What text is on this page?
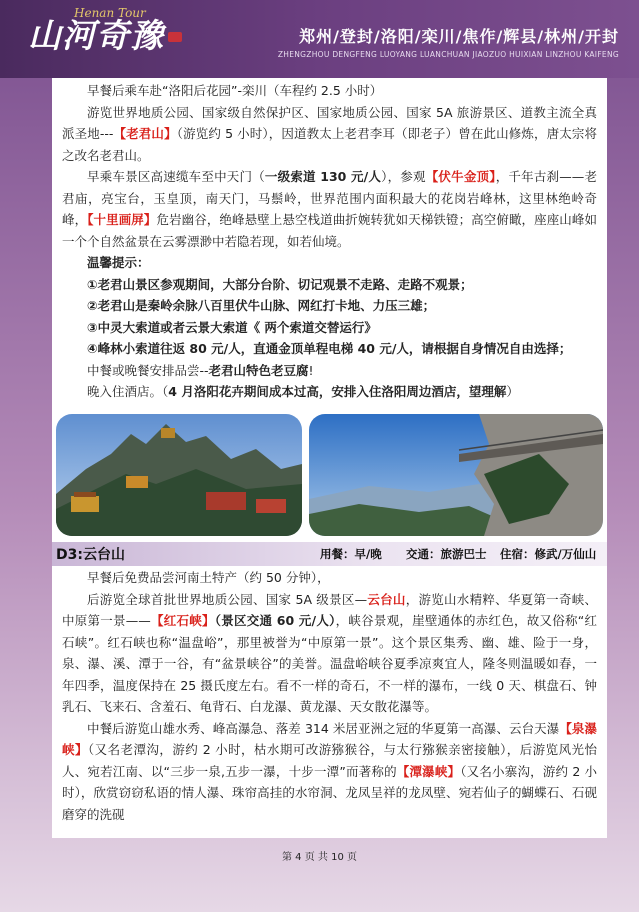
Henan Tour
山河奇豫	郑州/登封/洛阳/栾川/焦作/辉县/林州/开封
ZHENGZHOU DENGFENG LUOYANG LUANCHUAN JIAOZUO HUIXIAN LINZHOU KAIFENG

早餐后乘车赴“洛阳后花园”-栾川（车程约 2.5 小时）

游览世界地质公园、国家级自然保护区、国家地质公园、国家 5A 旅游景区、道教主流全真派圣地---【老君山】（游览约 5 小时），因道教太上老君李耳（即老子）曾在此山修炼，唐太宗将之改名老君山。

早乘车景区高速缆车至中天门（一级索道 130 元/人），参观【伏牛金顶】，千年古刹——老君庙，亮宝台，玉皇顶，南天门，马鬃岭，世界范围内面积最大的花岗岩峰林，这里林绝岭奇峰，【十里画屏】危岩幽谷，绝峰悬壁上悬空栈道曲折婉转犹如天梯铁镫；高空俯瞰，座座山峰如一个个自然盆景在云雾漂渺中若隐若现，如若仙境。

温馨提示：

①老君山景区参观期间，大部分台阶、切记观景不走路、走路不观景；

②老君山是秦岭余脉八百里伏牛山脉、网红打卡地、力压三雄；

③中灵大索道或者云景大索道《 两个索道交替运行》

④峰林小索道往返 80 元/人，直通金顶单程电梯 40 元/人，请根据自身情况自由选择；

中餐或晚餐安排品尝--老君山特色老豆腐!

晚入住酒店。（4 月洛阳花卉期间成本过高，安排入住洛阳周边酒店，望理解）

D3:云台山	用餐：早/晚 交通：旅游巴士 住宿：修武/万仙山

早餐后免费品尝河南土特产（约 50 分钟），

后游览全球首批世界地质公园、国家 5A 级景区—云台山，游览山水精粹、华夏第一奇峡、中原第一景——【红石峡】（景区交通 60 元/人），峡谷景观，崖壁通体的赤红色，故又俗称“红石峡”。红石峡也称“温盘峪”，那里被誉为“中原第一景”。这个景区集秀、幽、雄、险于一身，泉、瀑、溪、潭于一谷，有“盆景峡谷”的美誉。温盘峪峡谷夏季凉爽宜人，隆冬则温暖如春，一年四季，温度保持在 25 摄氏度左右。看不一样的奇石，不一样的瀑布，一线 0 天、棋盘石、钟乳石、飞来石、含羞石、龟背石、白龙瀑、黄龙瀑、天女散花瀑等。

中餐后游览山雄水秀、峰高瀑急、落差 314 米居亚洲之冠的华夏第一高瀑、云台天瀑【泉瀑峡】（又名老潭沟，游约 2 小时，枯水期可改游猕猴谷，与太行猕猴亲密接触），后游览风光怡人、宛若江南、以“三步一泉,五步一瀑，十步一潭”而著称的【潭瀑峡】（又名小寨沟，游约 2 小时），欣赏窃窃私语的情人瀑、珠帘高挂的水帘洞、龙凤呈祥的龙凤壁、宛若仙子的蝴蝶石、石砚磨穿的洗砚

第 4 页 共 10 页
